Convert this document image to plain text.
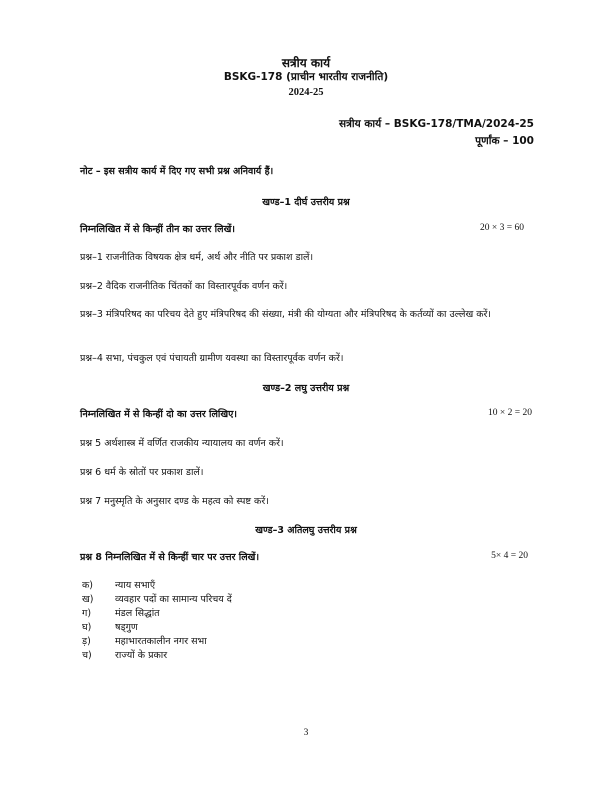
सत्रीय कार्य
BSKG-178 (प्राचीन भारतीय राजनीति)
2024-25
सत्रीय कार्य – BSKG-178/TMA/2024-25
पूर्णांक – 100
नोट – इस सत्रीय कार्य में दिए गए सभी प्रश्न अनिवार्य हैं।
खण्ड–1 दीर्घ उत्तरीय प्रश्न
निम्नलिखित में से किन्हीं तीन का उत्तर लिखें।	20 × 3 = 60
प्रश्न–1 राजनीतिक विषयक क्षेत्र धर्म, अर्थ और नीति पर प्रकाश डालें।
प्रश्न–2 वैदिक राजनीतिक चिंतकों का विस्तारपूर्वक वर्णन करें।
प्रश्न–3 मंत्रिपरिषद का परिचय देते हुए मंत्रिपरिषद की संख्या, मंत्री की योग्यता और मंत्रिपरिषद के कर्तव्यों का उल्लेख करें।
प्रश्न–4 सभा, पंचकुल एवं पंचायती ग्रामीण यवस्था का विस्तारपूर्वक वर्णन करें।
खण्ड–2 लघु उत्तरीय प्रश्न
निम्नलिखित में से किन्हीं दो का उत्तर लिखिए।	10 × 2 = 20
प्रश्न 5 अर्थशास्त्र में वर्णित राजकीय न्यायालय का वर्णन करें।
प्रश्न 6 धर्म के स्रोतों पर प्रकाश डालें।
प्रश्न 7 मनुस्मृति के अनुसार दण्ड के महत्व को स्पष्ट करें।
खण्ड–3 अतिलघु उत्तरीय प्रश्न
प्रश्न 8 निम्नलिखित में से किन्हीं चार पर उत्तर लिखें।	5× 4 = 20
क) न्याय सभाएँ
ख) व्यवहार पदों का सामान्य परिचय दें
ग)	मंडल सिद्धांत
घ) षड्गुण
ड़)	महाभारतकालीन नगर सभा
च) राज्यों के प्रकार
3
